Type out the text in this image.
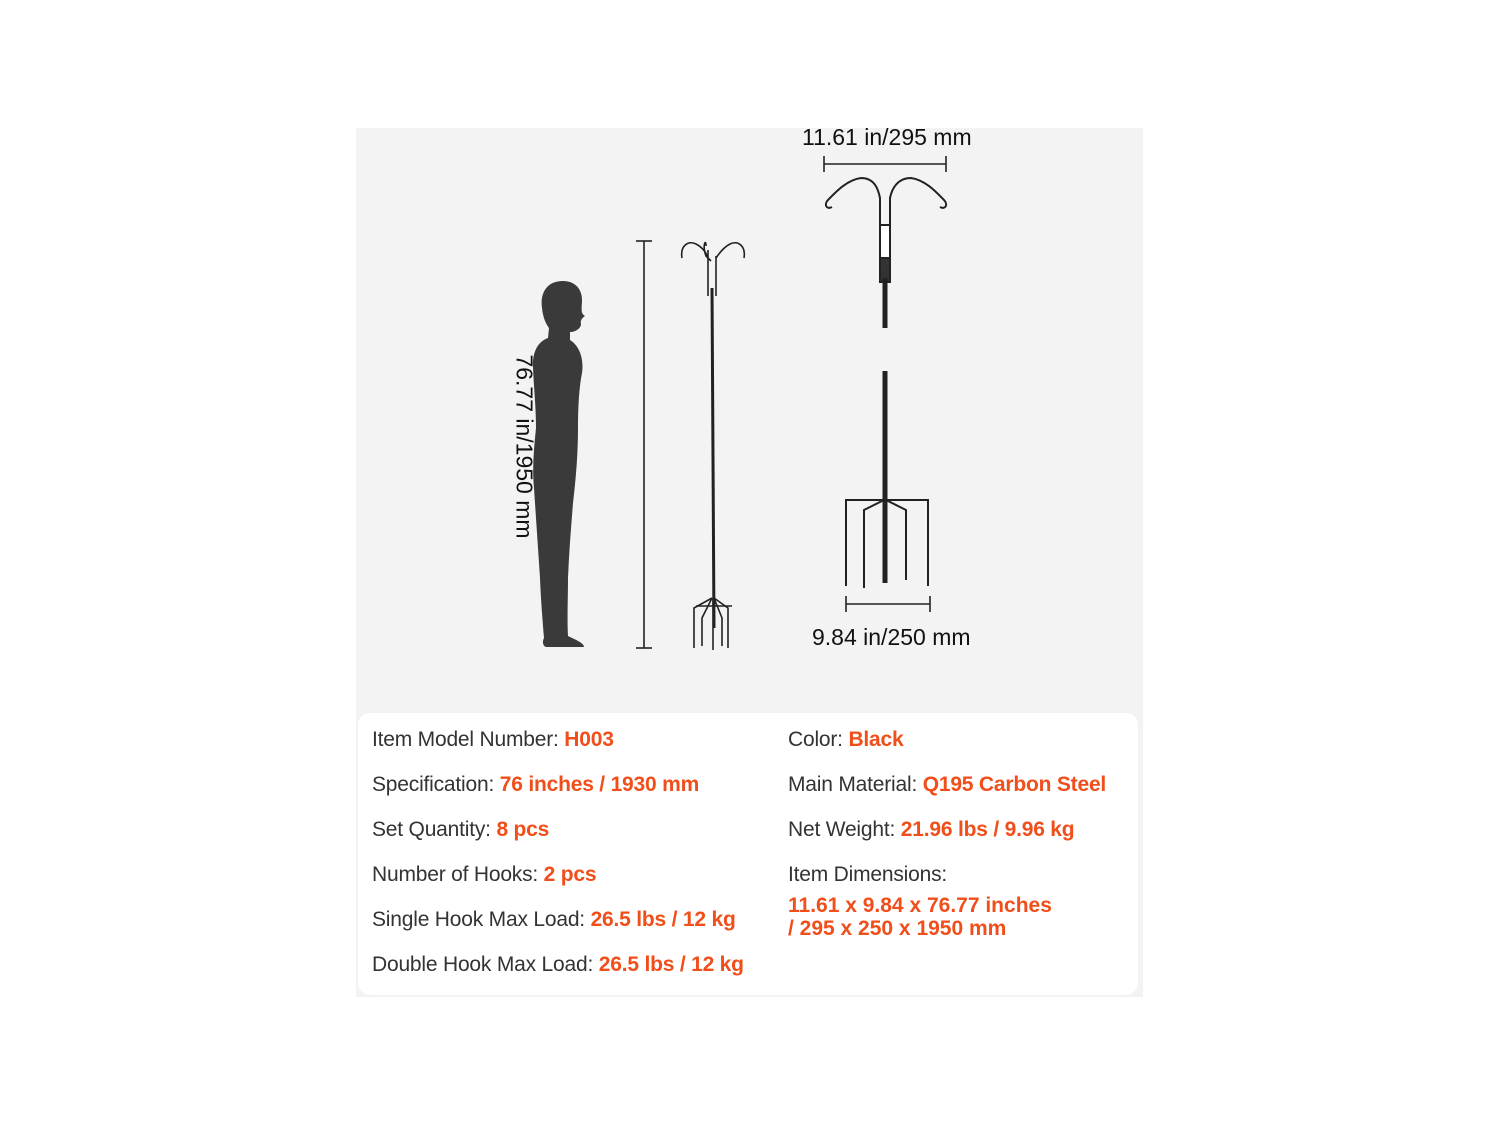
11.61 in/295 mm
9.84 in/250 mm
76.77 in/1950 mm
Item Model Number: H003
Specification: 76 inches / 1930 mm
Set Quantity: 8 pcs
Number of Hooks: 2 pcs
Single Hook Max Load: 26.5 lbs / 12 kg
Double Hook Max Load: 26.5 lbs / 12 kg
Color: Black
Main Material: Q195 Carbon Steel
Net Weight: 21.96 lbs / 9.96 kg
Item Dimensions:
11.61 x 9.84 x 76.77 inches
/ 295 x 250 x 1950 mm
